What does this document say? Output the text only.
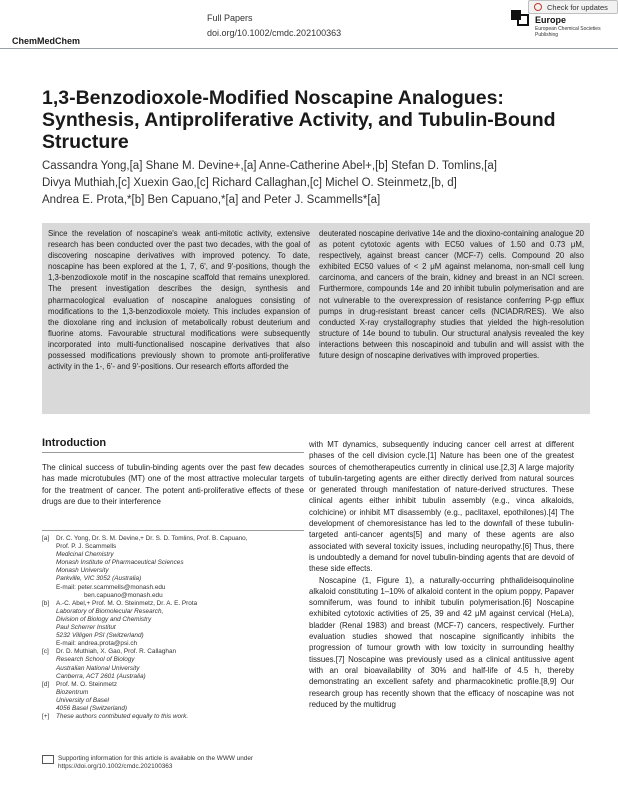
ChemMedChem
Full Papers
doi.org/10.1002/cmdc.202100363
Check for updates
Europe
European Chemical Societies Publishing
1,3-Benzodioxole-Modified Noscapine Analogues: Synthesis, Antiproliferative Activity, and Tubulin-Bound Structure
Cassandra Yong,[a] Shane M. Devine+,[a] Anne-Catherine Abel+,[b] Stefan D. Tomlins,[a]
Divya Muthiah,[c] Xuexin Gao,[c] Richard Callaghan,[c] Michel O. Steinmetz,[b, d]
Andrea E. Prota,*[b] Ben Capuano,*[a] and Peter J. Scammells*[a]
Since the revelation of noscapine's weak anti-mitotic activity, extensive research has been conducted over the past two decades, with the goal of discovering noscapine derivatives with improved potency. To date, noscapine has been explored at the 1, 7, 6', and 9'-positions, though the 1,3-benzodioxole motif in the noscapine scaffold that remains unexplored. The present investigation describes the design, synthesis and pharmacological evaluation of noscapine analogues consisting of modifications to the 1,3-benzodioxole moiety. This includes expansion of the dioxolane ring and inclusion of metabolically robust deuterium and fluorine atoms. Favourable structural modifications were subsequently incorporated into multi-functionalised noscapine derivatives that also possessed modifications previously shown to promote anti-proliferative activity in the 1-, 6'- and 9'-positions. Our research efforts afforded the
deuterated noscapine derivative 14e and the dioxino-containing analogue 20 as potent cytotoxic agents with EC50 values of 1.50 and 0.73 μM, respectively, against breast cancer (MCF-7) cells. Compound 20 also exhibited EC50 values of < 2 μM against melanoma, non-small cell lung carcinoma, and cancers of the brain, kidney and breast in an NCI screen. Furthermore, compounds 14e and 20 inhibit tubulin polymerisation and are not vulnerable to the overexpression of resistance conferring P-gp efflux pumps in drug-resistant breast cancer cells (NCIADR/RES). We also conducted X-ray crystallography studies that yielded the high-resolution structure of 14e bound to tubulin. Our structural analysis revealed the key interactions between this noscapinoid and tubulin and will assist with the future design of noscapine derivatives with improved properties.
Introduction
The clinical success of tubulin-binding agents over the past few decades has made microtubules (MT) one of the most attractive molecular targets for the treatment of cancer. The potent anti-proliferative effects of these drugs are due to their interference
with MT dynamics, subsequently inducing cancer cell arrest at different phases of the cell division cycle.[1] Nature has been one of the greatest sources of chemotherapeutics currently in clinical use.[2,3] A large majority of tubulin-targeting agents are either directly derived from natural sources or generated through manifestation of nature-derived structures. These clinical agents either inhibit tubulin assembly (e.g., vinca alkaloids, colchicine) or inhibit MT disassembly (e.g., paclitaxel, epothilones).[4] The development of chemoresistance has led to the downfall of these tubulin-targeted anti-cancer agents[5] and many of these agents are also associated with several toxicity issues, including neuropathy.[6] Thus, there is undoubtedly a demand for novel tubulin-binding agents that are devoid of these side effects.
Noscapine (1, Figure 1), a naturally-occurring phthalideisoquinoline alkaloid constituting 1–10% of alkaloid content in the opium poppy, Papaver somniferum, was found to inhibit tubulin polymerisation.[6] Noscapine exhibited cytotoxic activities of 25, 39 and 42 μM against cervical (HeLa), bladder (Renal 1983) and breast (MCF-7) cancers, respectively. Further evaluation studies showed that noscapine significantly inhibits the progression of tumour growth with low toxicity in surrounding healthy tissues.[7] Noscapine was previously used as a clinical antitussive agent with an oral bioavailability of 30% and half-life of 4.5 h, thereby demonstrating an excellent safety and pharmacokinetic profile.[8,9] Our research group has recently shown that the efficacy of noscapine was not reduced by the multidrug
[a]	Dr. C. Yong, Dr. S. M. Devine,+ Dr. S. D. Tomlins, Prof. B. Capuano,
Prof. P. J. Scammells
Medicinal Chemistry
Monash Institute of Pharmaceutical Sciences
Monash University
Parkville, VIC 3052 (Australia)
E-mail: peter.scammells@monash.edu
ben.capuano@monash.edu
[b]	A.-C. Abel,+ Prof. M. O. Steinmetz, Dr. A. E. Prota
Laboratory of Biomolecular Research,
Division of Biology and Chemistry
Paul Scherrer Institut
5232 Villigen PSI (Switzerland)
E-mail: andrea.prota@psi.ch
[c]	Dr. D. Muthiah, X. Gao, Prof. R. Callaghan
Research School of Biology
Australian National University
Canberra, ACT 2601 (Australia)
[d]	Prof. M. O. Steinmetz
Biozentrum
University of Basel
4056 Basel (Switzerland)
[+]	These authors contributed equally to this work.
Supporting information for this article is available on the WWW under https://doi.org/10.1002/cmdc.202100363
